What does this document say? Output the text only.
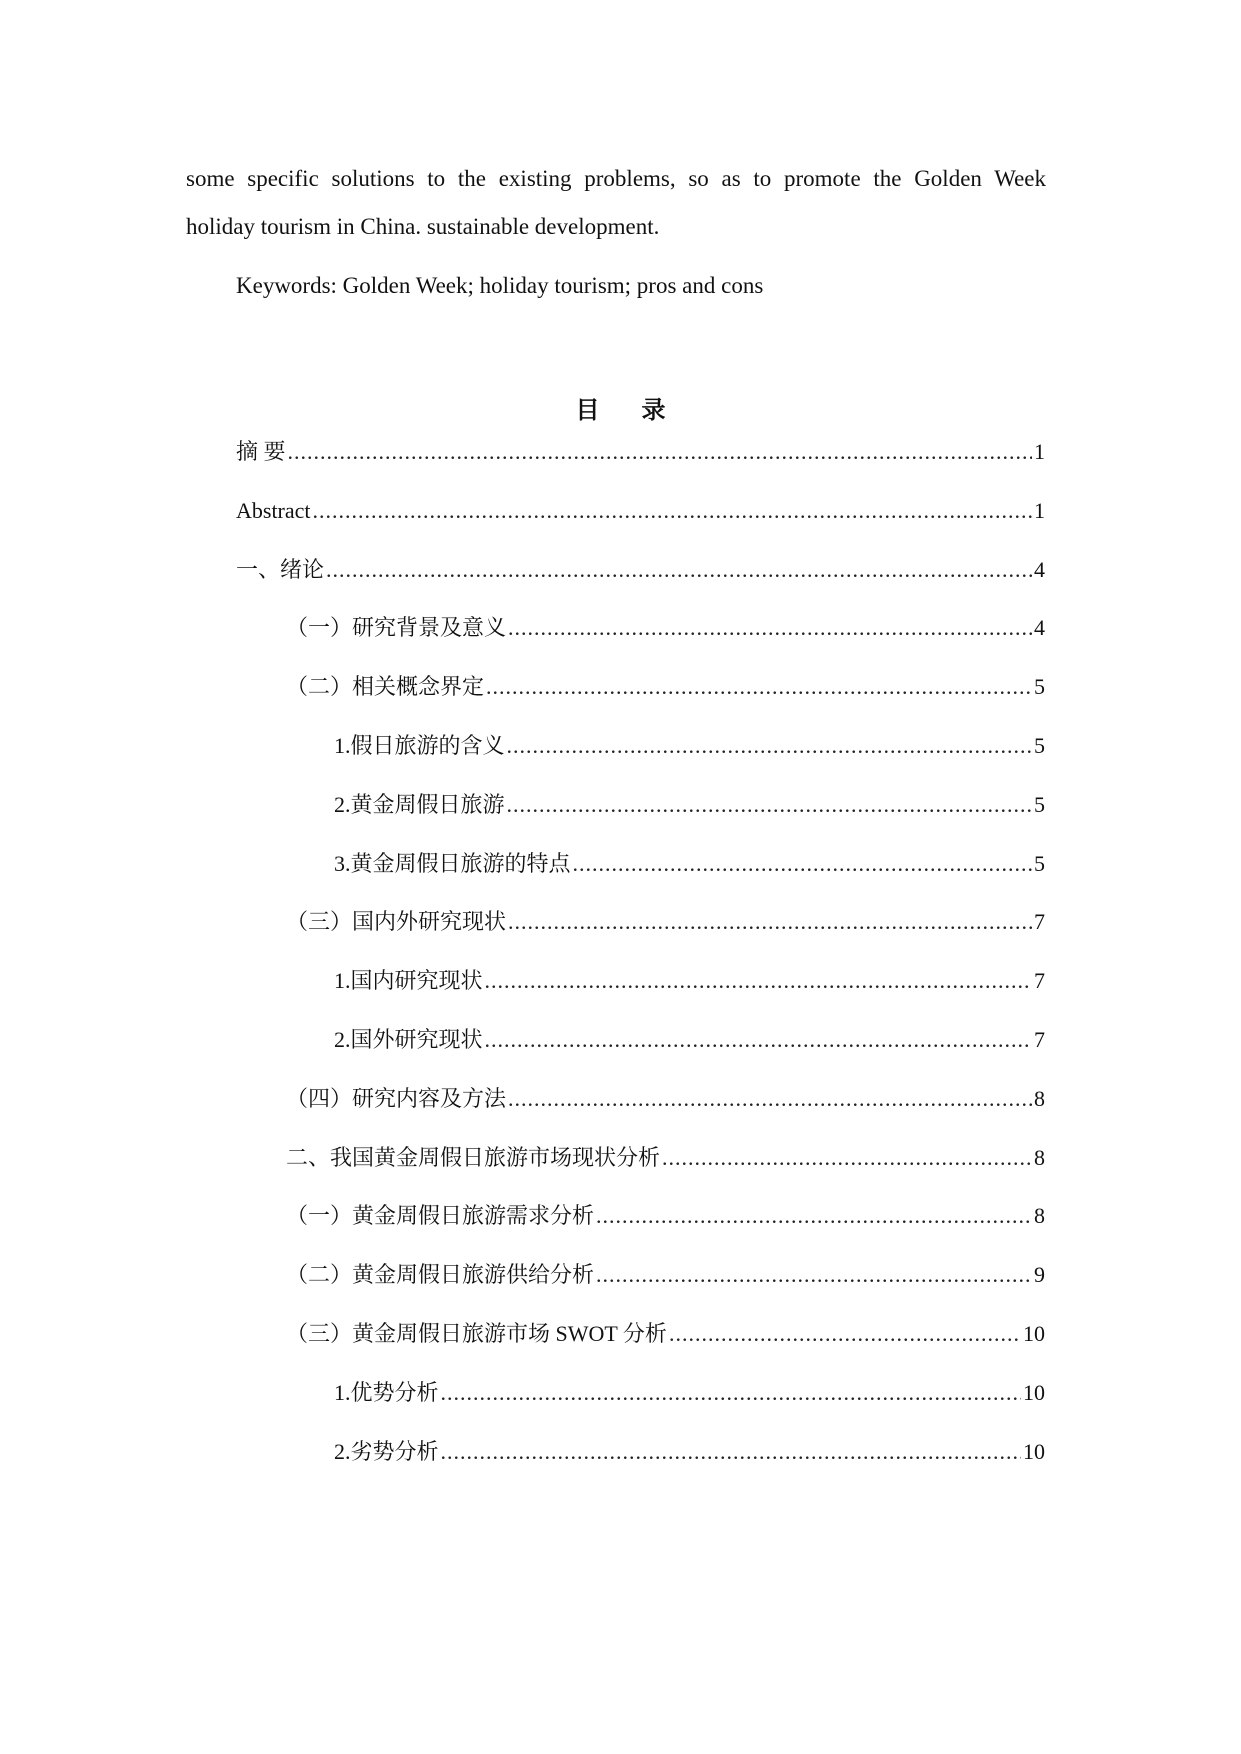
some specific solutions to the existing problems, so as to promote the Golden Week
holiday tourism in China. sustainable development.

Keywords: Golden Week; holiday tourism; pros and cons

目 录
摘 要 .....	1
Abstract .....	1
一、绪论 .....	4
（一）研究背景及意义 .....	4
（二）相关概念界定 .....	5
1.假日旅游的含义 .....	5
2.黄金周假日旅游 .....	5
3.黄金周假日旅游的特点 .....	5
（三）国内外研究现状 .....	7
1.国内研究现状 .....	7
2.国外研究现状 .....	7
（四）研究内容及方法 .....	8
二、我国黄金周假日旅游市场现状分析 .....	8
（一）黄金周假日旅游需求分析 .....	8
（二）黄金周假日旅游供给分析 .....	9
（三）黄金周假日旅游市场 SWOT 分析 .....	10
1.优势分析 .....	10
2.劣势分析 .....	10
